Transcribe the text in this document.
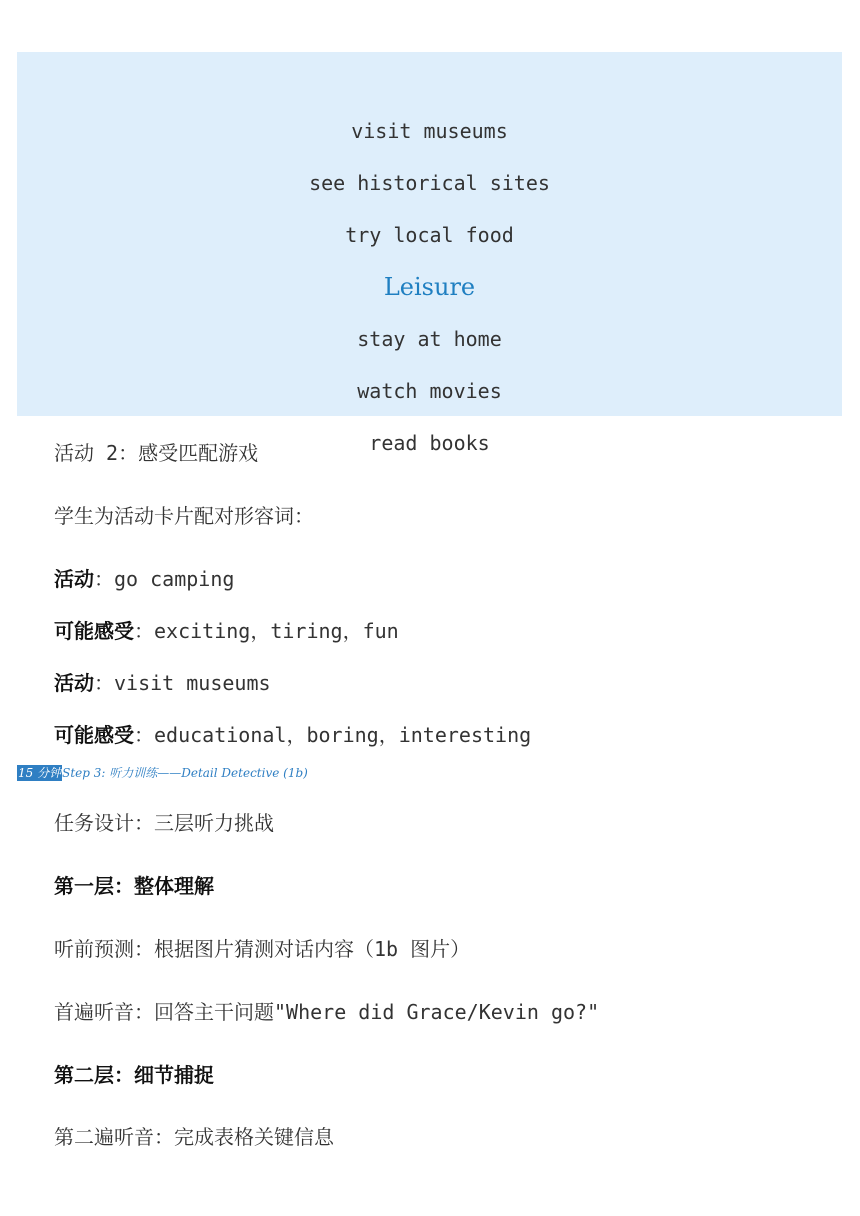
visit museums
see historical sites
try local food
Leisure
stay at home
watch movies
read books
活动 2：感受匹配游戏
学生为活动卡片配对形容词：
活动：go camping
可能感受：exciting，tiring，fun
活动：visit museums
可能感受：educational，boring，interesting
15 分钟Step 3: 听力训练——Detail Detective (1b)
任务设计：三层听力挑战
第一层：整体理解
听前预测：根据图片猜测对话内容（1b 图片）
首遍听音：回答主干问题"Where did Grace/Kevin go?"
第二层：细节捕捉
第二遍听音：完成表格关键信息
